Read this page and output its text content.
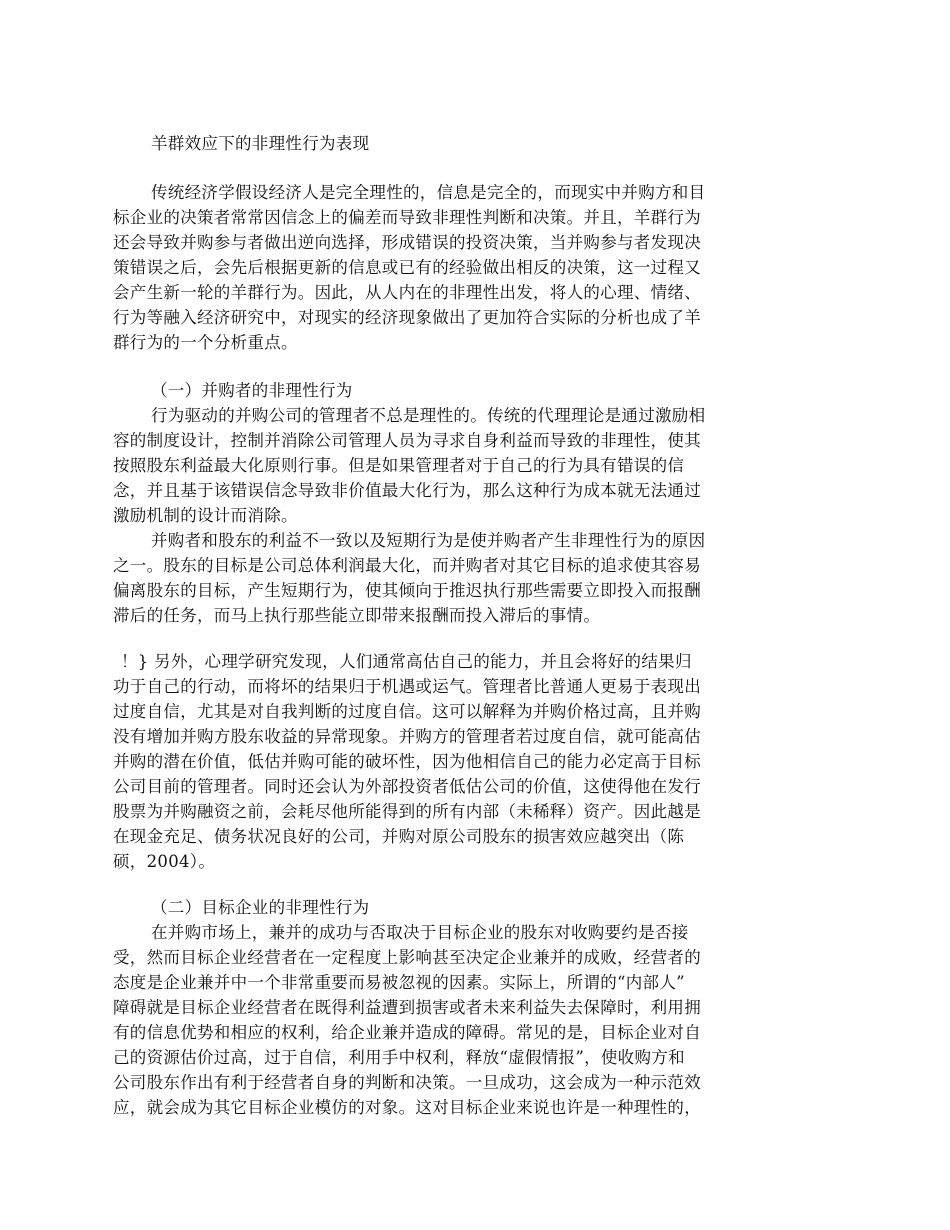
羊群效应下的非理性行为表现
传统经济学假设经济人是完全理性的，信息是完全的，而现实中并购方和目
标企业的决策者常常因信念上的偏差而导致非理性判断和决策。并且，羊群行为
还会导致并购参与者做出逆向选择，形成错误的投资决策，当并购参与者发现决
策错误之后，会先后根据更新的信息或已有的经验做出相反的决策，这一过程又
会产生新一轮的羊群行为。因此，从人内在的非理性出发，将人的心理、情绪、
行为等融入经济研究中，对现实的经济现象做出了更加符合实际的分析也成了羊
群行为的一个分析重点。
（一）并购者的非理性行为
行为驱动的并购公司的管理者不总是理性的。传统的代理理论是通过激励相
容的制度设计，控制并消除公司管理人员为寻求自身利益而导致的非理性，使其
按照股东利益最大化原则行事。但是如果管理者对于自己的行为具有错误的信
念，并且基于该错误信念导致非价值最大化行为，那么这种行为成本就无法通过
激励机制的设计而消除。
并购者和股东的利益不一致以及短期行为是使并购者产生非理性行为的原因
之一。股东的目标是公司总体利润最大化，而并购者对其它目标的追求使其容易
偏离股东的目标，产生短期行为，使其倾向于推迟执行那些需要立即投入而报酬
滞后的任务，而马上执行那些能立即带来报酬而投入滞后的事情。
！} 另外，心理学研究发现，人们通常高估自己的能力，并且会将好的结果归
功于自己的行动，而将坏的结果归于机遇或运气。管理者比普通人更易于表现出
过度自信，尤其是对自我判断的过度自信。这可以解释为并购价格过高，且并购
没有增加并购方股东收益的异常现象。并购方的管理者若过度自信，就可能高估
并购的潜在价值，低估并购可能的破坏性，因为他相信自己的能力必定高于目标
公司目前的管理者。同时还会认为外部投资者低估公司的价值，这使得他在发行
股票为并购融资之前，会耗尽他所能得到的所有内部（未稀释）资产。因此越是
在现金充足、债务状况良好的公司，并购对原公司股东的损害效应越突出（陈
硕，2004）。
（二）目标企业的非理性行为
在并购市场上，兼并的成功与否取决于目标企业的股东对收购要约是否接
受，然而目标企业经营者在一定程度上影响甚至决定企业兼并的成败，经营者的
态度是企业兼并中一个非常重要而易被忽视的因素。实际上，所谓的“内部人”
障碍就是目标企业经营者在既得利益遭到损害或者未来利益失去保障时，利用拥
有的信息优势和相应的权利，给企业兼并造成的障碍。常见的是，目标企业对自
己的资源估价过高，过于自信，利用手中权利，释放“虚假情报”，使收购方和
公司股东作出有利于经营者自身的判断和决策。一旦成功，这会成为一种示范效
应，就会成为其它目标企业模仿的对象。这对目标企业来说也许是一种理性的，
